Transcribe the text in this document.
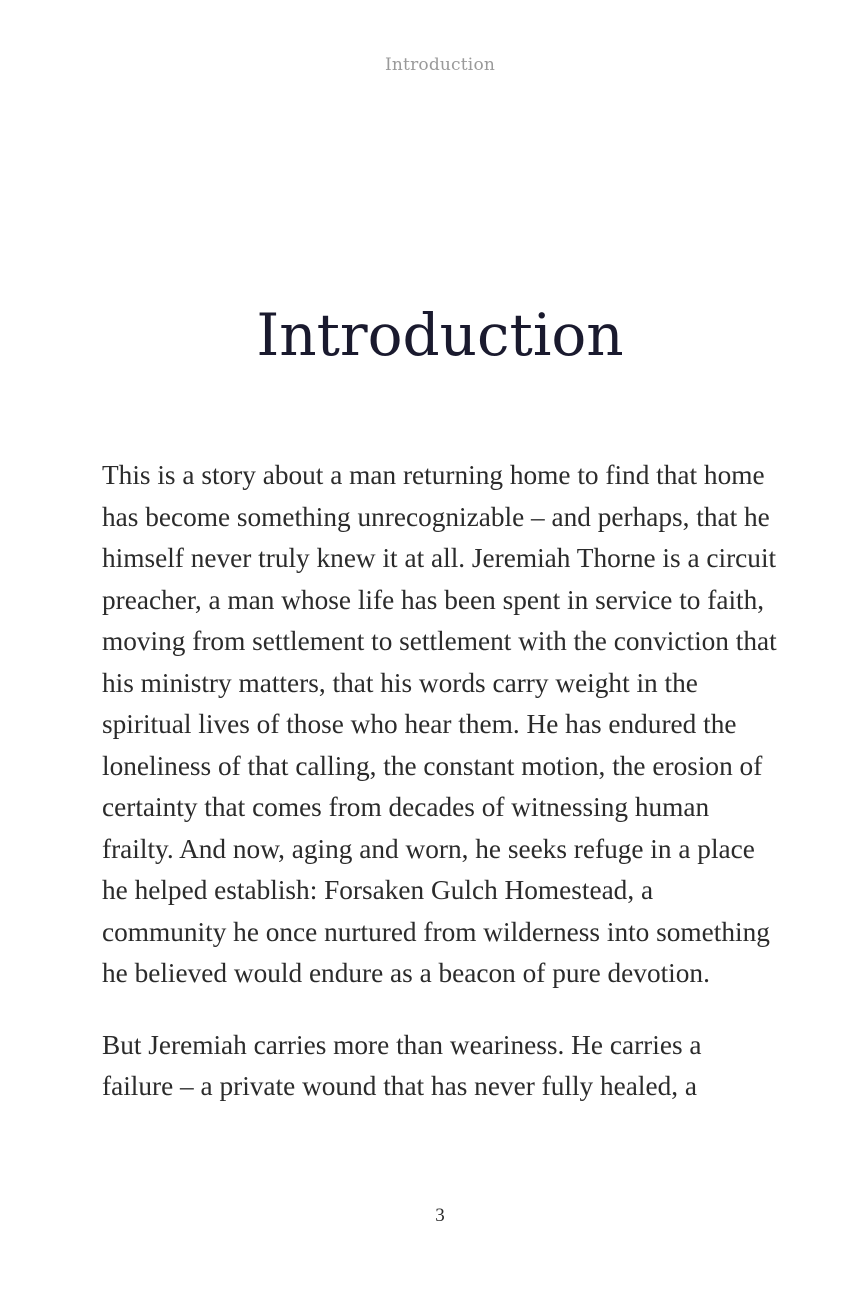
Introduction
Introduction

This is a story about a man returning home to find that home has become something unrecognizable – and perhaps, that he himself never truly knew it at all. Jeremiah Thorne is a circuit preacher, a man whose life has been spent in service to faith, moving from settlement to settlement with the conviction that his ministry matters, that his words carry weight in the spiritual lives of those who hear them. He has endured the loneliness of that calling, the constant motion, the erosion of certainty that comes from decades of witnessing human frailty. And now, aging and worn, he seeks refuge in a place he helped establish: Forsaken Gulch Homestead, a community he once nurtured from wilderness into something he believed would endure as a beacon of pure devotion.

But Jeremiah carries more than weariness. He carries a failure – a private wound that has never fully healed, a

3
